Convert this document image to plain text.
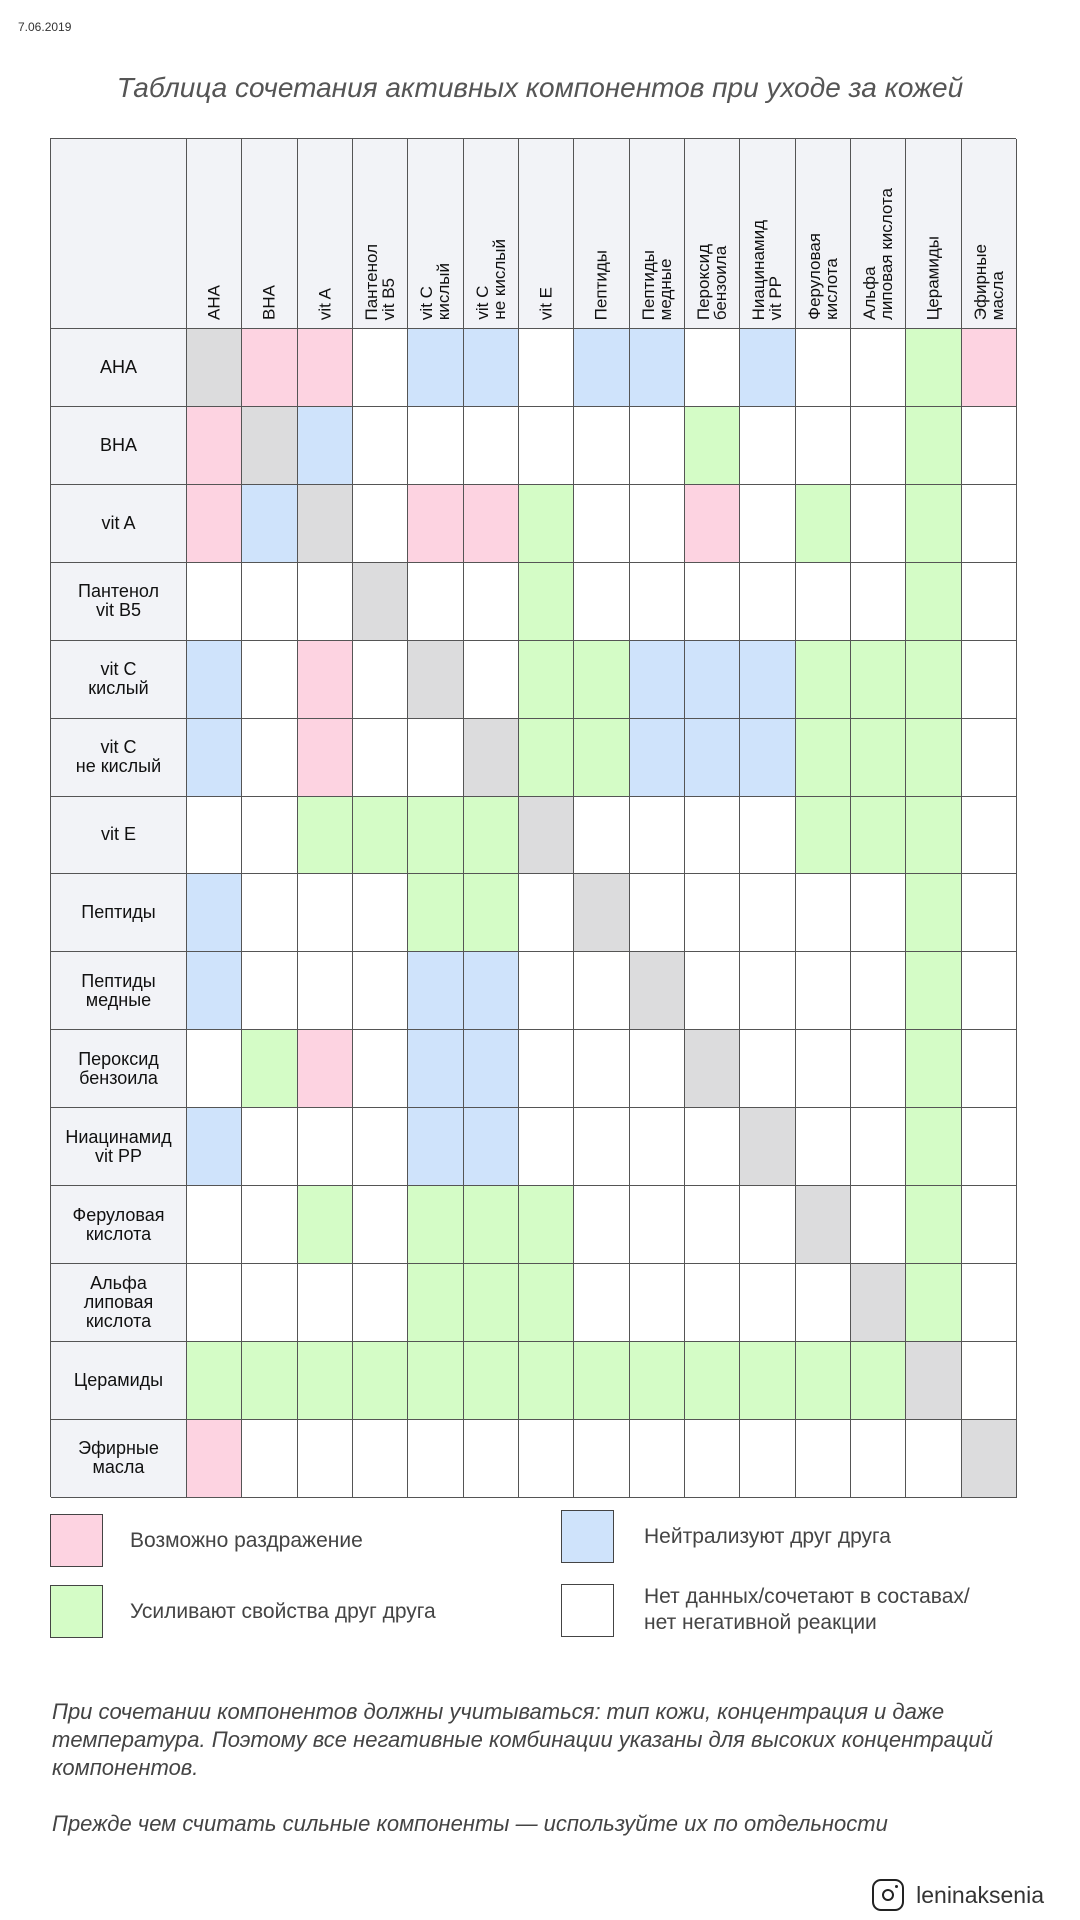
7.06.2019
Таблица сочетания активных компонентов при уходе за кожей
АНА ВНА vit A Пантенол
vit B5
vit C
кислый vit C
не кислый
vit E Пептиды Пептиды
медные Пероксид
бензоила Ниацинамид
vit PP Феруловая
кислота Альфа
липовая кислота
Церамиды Эфирные
масла
АНА
ВНА
vit A
Пантенол
vit B5
vit C
кислый
vit C
не кислый
vit E
Пептиды
Пептиды
медные
Пероксид
бензоила
Ниацинамид
vit PP
Феруловая
кислота
Альфа
липовая
кислота
Церамиды
Эфирные
масла
Возможно раздражение	Нейтрализуют друг друга
Усиливают свойства друг друга
Нет данных/сочетают в составах/
нет негативной реакции
При сочетании компонентов должны учитываться: тип кожи, концентрация и даже температура. Поэтому все негативные комбинации указаны для высоких концентраций компонентов.
Прежде чем считать сильные компоненты — используйте их по отдельности
leninaksenia
